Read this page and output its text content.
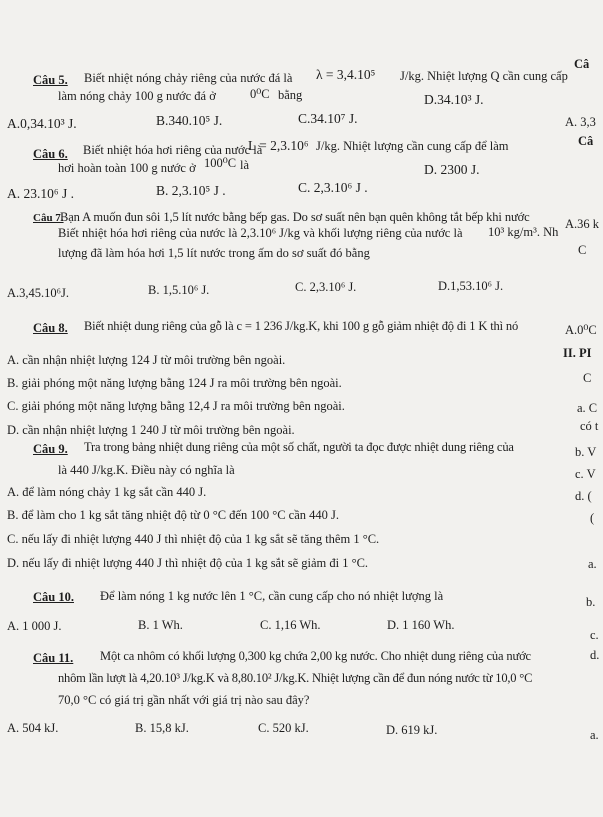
Câ
Câu 5. Biết nhiệt nóng chảy riêng của nước đá là λ = 3,4.10⁵ J/kg. Nhiệt lượng Q cần cung cấp
làm nóng chảy 100 g nước đá ở	0⁰C bằng	D.34.10³ J.
A.0,34.10³ J.	B.340.10⁵ J.	C.34.10⁷ J.	A. 3,3
Câ
Câu 6. Biết nhiệt hóa hơi riêng của nước là
L = 2,3.10⁶ J/kg. Nhiệt lượng cần cung cấp để làm
hơi hoàn toàn 100 g nước ở 100⁰C là
A. 23.10⁶ J .	B. 2,3.10⁵ J .	C. 2,3.10⁶ J .
D. 2300 J.
Câu 7.
Bạn A muốn đun sôi 1,5 lít nước bằng bếp gas. Do sơ suất nên bạn quên không tắt bếp khi nước	A.36 k
Biết nhiệt hóa hơi riêng của nước là 2,3.10⁶ J/kg và khối lượng riêng của nước là 10³ kg/m³. Nh
C
lượng đã làm hóa hơi 1,5 lít nước trong ấm do sơ suất đó bằng
A.3,45.10⁶J.	B. 1,5.10⁶ J.	C. 2,3.10⁶ J.	D.1,53.10⁶ J.
Câu 8. Biết nhiệt dung riêng của gỗ là c = 1 236 J/kg.K, khi 100 g gỗ giảm nhiệt độ đi 1 K thì nó	A.0⁰C
II. PI
A. cần nhận nhiệt lượng 124 J từ môi trường bên ngoài.
C
B. giải phóng một năng lượng bằng 124 J ra môi trường bên ngoài.
C. giải phóng một năng lượng bằng 12,4 J ra môi trường bên ngoài.	a. C
D. cần nhận nhiệt lượng 1 240 J từ môi trường bên ngoài.	có t
Câu 9. Tra trong bảng nhiệt dung riêng của một số chất, người ta đọc được nhiệt dung riêng của	b. V
là 440 J/kg.K. Điều này có nghĩa là	c. V
A. để làm nóng chảy 1 kg sắt cần 440 J.	d. (
B. để làm cho 1 kg sắt tăng nhiệt độ từ 0 °C đến 100 °C cần 440 J.	(
C. nếu lấy đi nhiệt lượng 440 J thì nhiệt độ của 1 kg sắt sẽ tăng thêm 1 °C.
D. nếu lấy đi nhiệt lượng 440 J thì nhiệt độ của 1 kg sắt sẽ giảm đi 1 °C.	a.
Câu 10. Để làm nóng 1 kg nước lên 1 °C, cần cung cấp cho nó nhiệt lượng là	b.
A. 1 000 J.	B. 1 Wh.	C. 1,16 Wh.	D. 1 160 Wh.
c.
d.
Câu 11. Một ca nhôm có khối lượng 0,300 kg chứa 2,00 kg nước. Cho nhiệt dung riêng của nước
nhôm lần lượt là 4,20.10³ J/kg.K và 8,80.10² J/kg.K. Nhiệt lượng cần để đun nóng nước từ 10,0 °C
70,0 °C có giá trị gần nhất với giá trị nào sau đây?
A. 504 kJ.	B. 15,8 kJ.	C. 520 kJ.	D. 619 kJ.	a.
